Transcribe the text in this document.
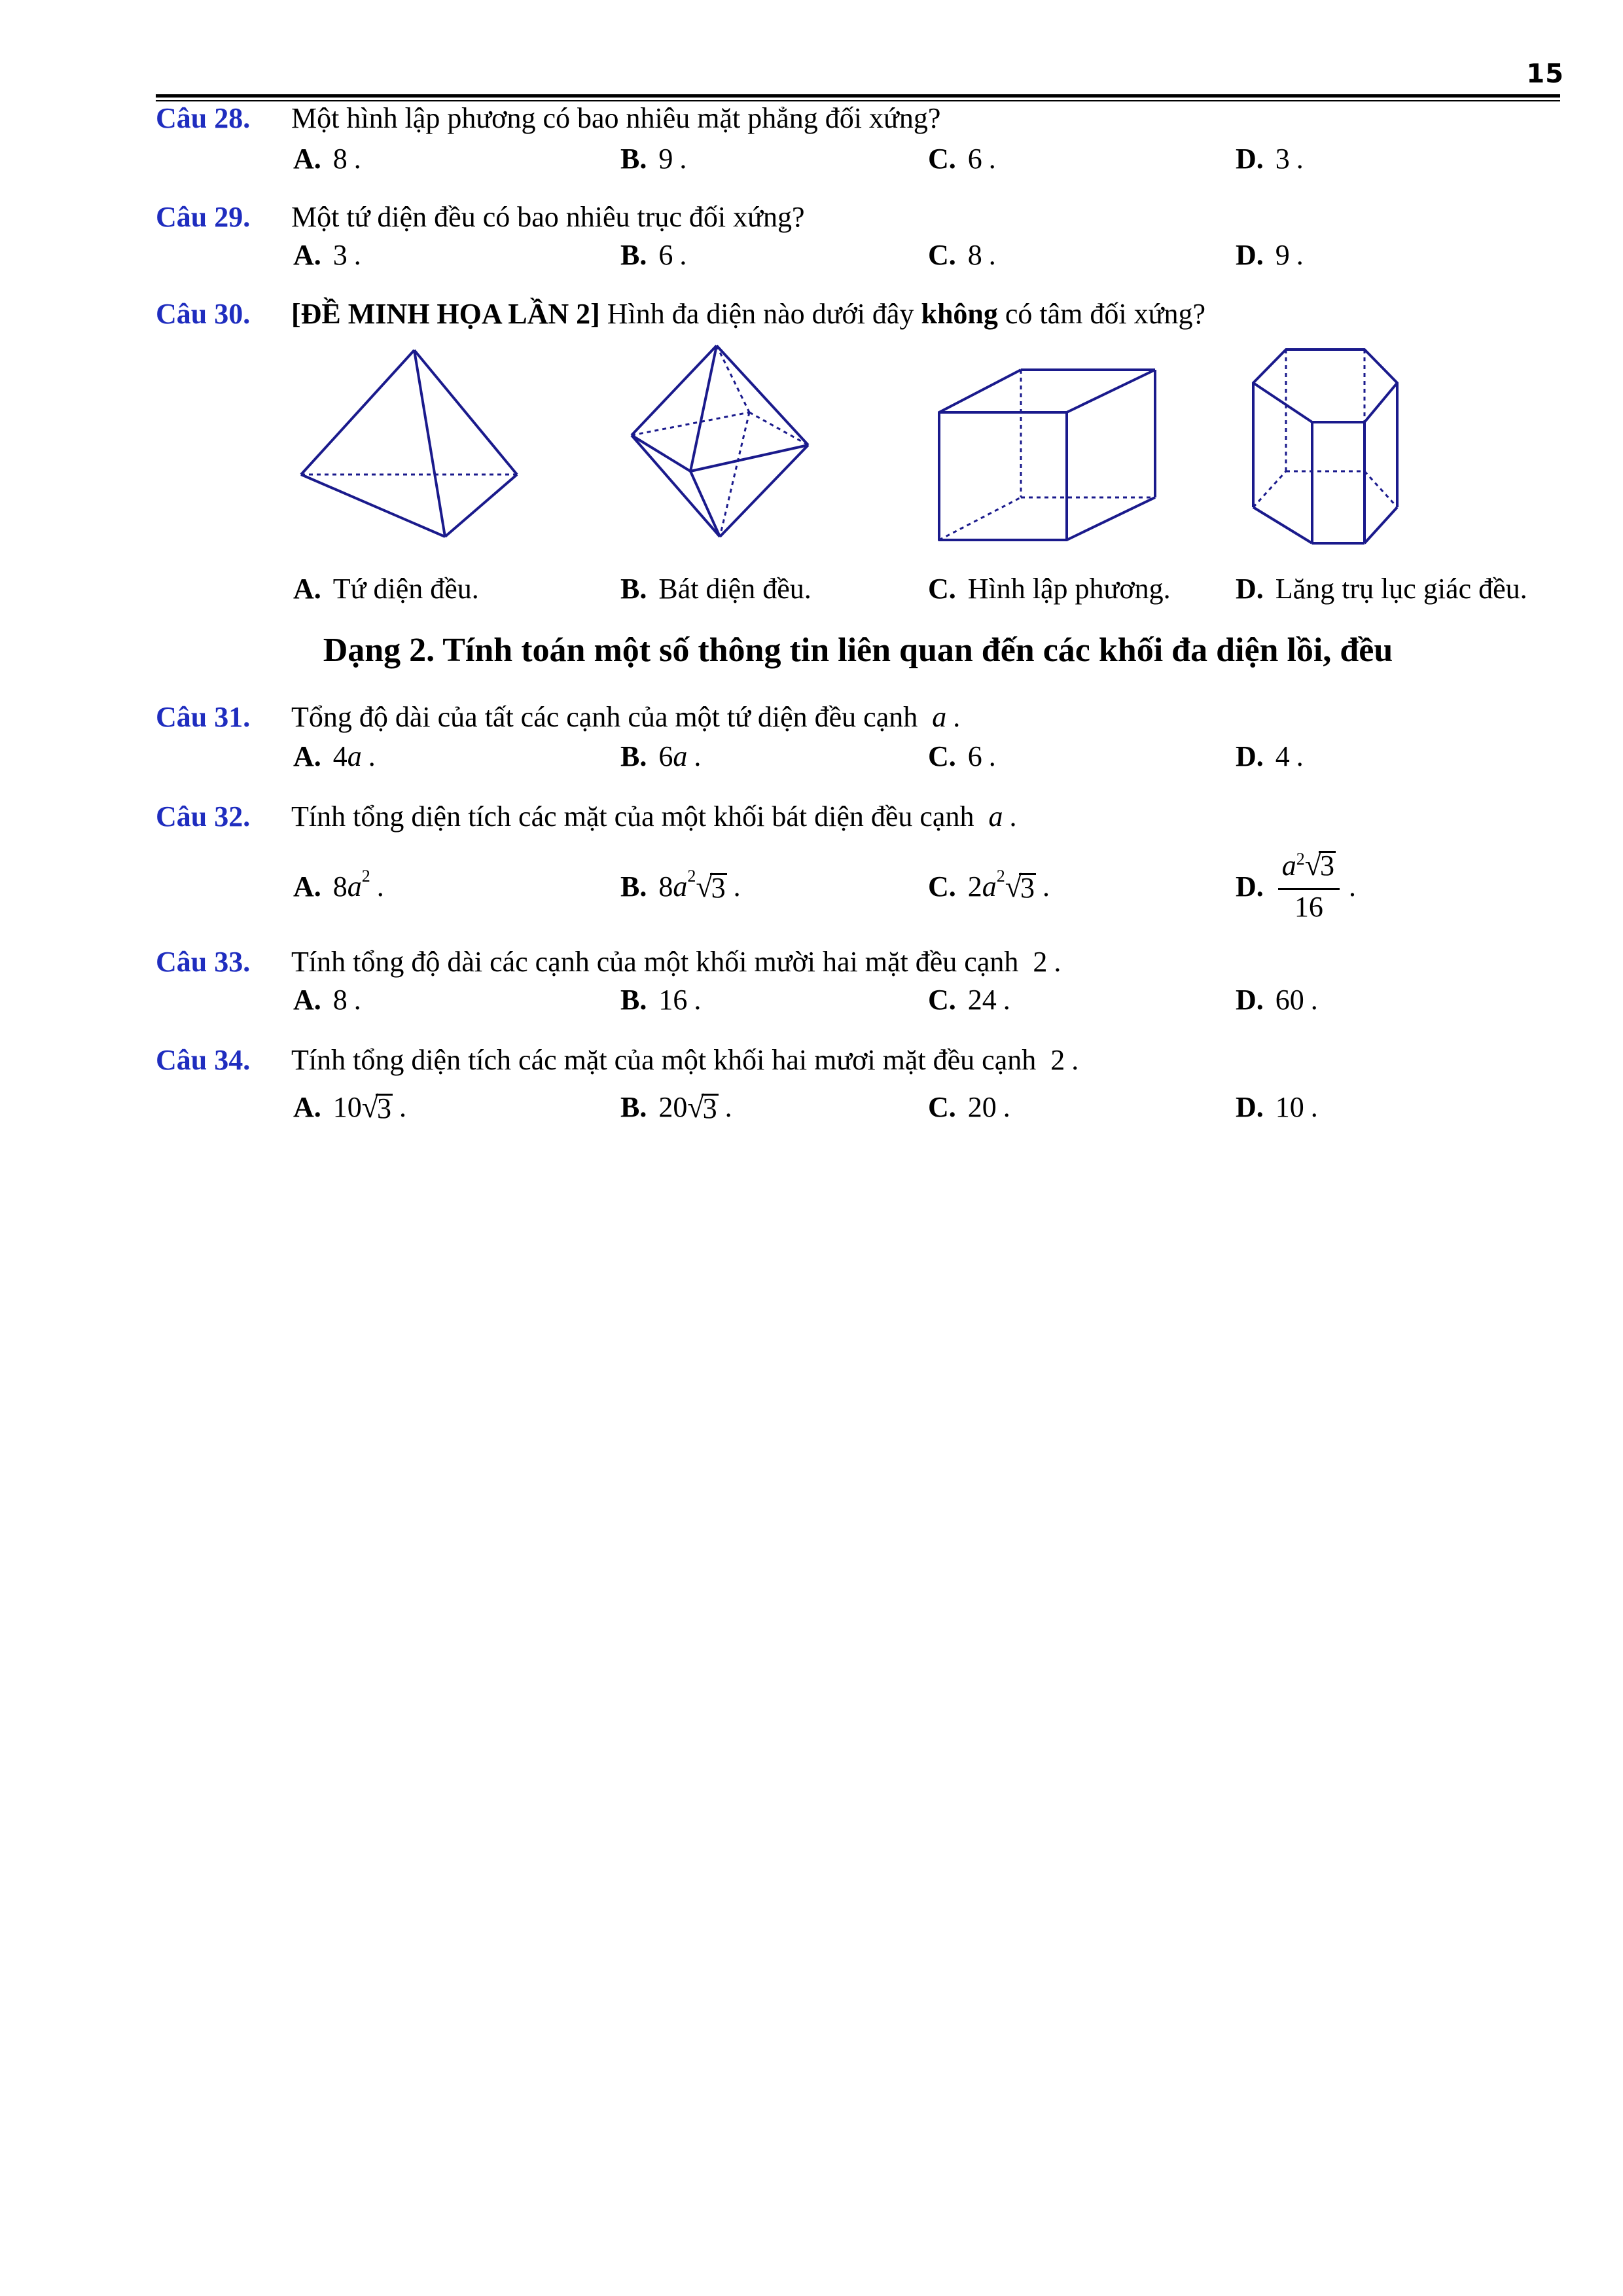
15
Câu 28. Một hình lập phương có bao nhiêu mặt phẳng đối xứng?
A. 8 .	B. 9 .	C. 6 .	D. 3 .
Câu 29. Một tứ diện đều có bao nhiêu trục đối xứng?
A. 3 .	B. 6 .	C. 8 .	D. 9 .
Câu 30. [ĐỀ MINH HỌA LẦN 2] Hình đa diện nào dưới đây không có tâm đối xứng?
A. Tứ diện đều.	B. Bát diện đều.	C. Hình lập phương. D. Lăng trụ lục giác đều.
Dạng 2. Tính toán một số thông tin liên quan đến các khối đa diện lồi, đều
Câu 31. Tổng độ dài của tất các cạnh của một tứ diện đều cạnh a .
A. 4 a .	B. 6 a .	C. 6 .	D. 4 .
Câu 32. Tính tổng diện tích các mặt của một khối bát diện đều cạnh a .
A. 8 a 2 .	B. 8 a 2 √
3 .	C. 2 a 2 √
3 .	D. $\frac{a^2√3}{16}$ .
Câu 33. Tính tổng độ dài các cạnh của một khối mười hai mặt đều cạnh 2 .
A. 8 .	B. 16 .	C. 24 .	D. 60 .
Câu 34. Tính tổng diện tích các mặt của một khối hai mươi mặt đều cạnh 2 .
A. 10 √
3 .	B. 20 √
3 .	C. 20 .	D. 10 .
